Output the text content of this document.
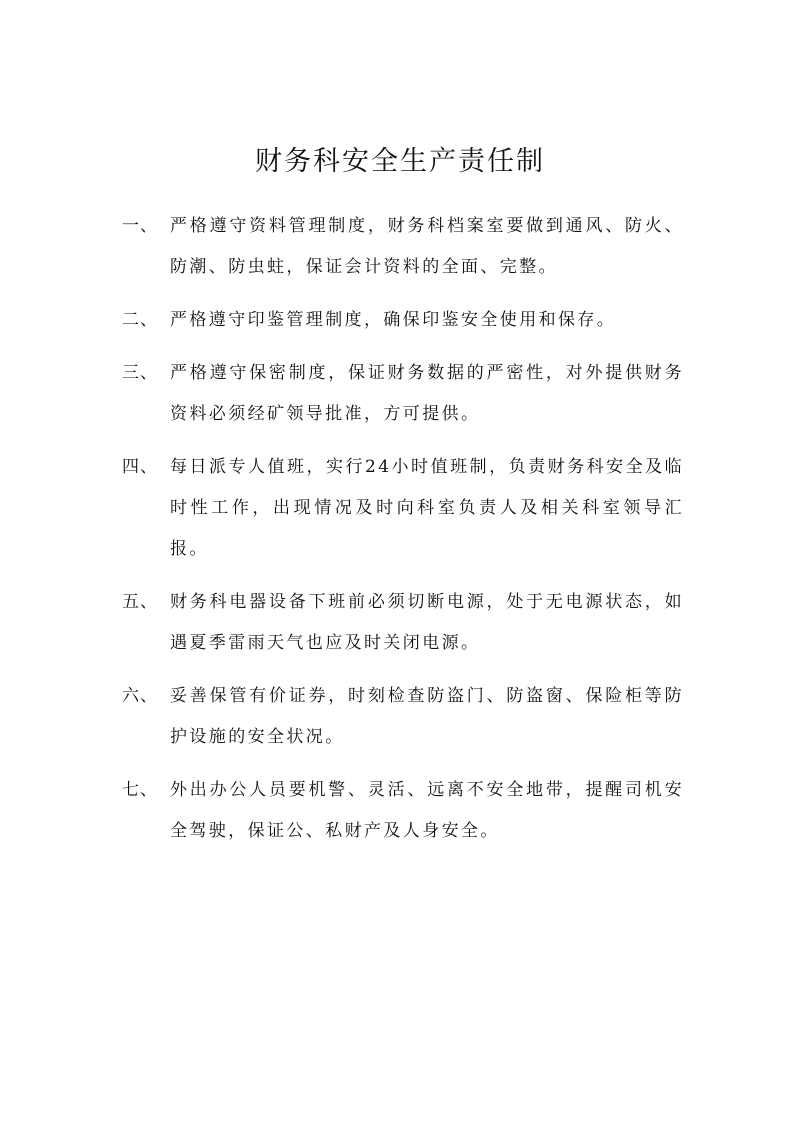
财务科安全生产责任制
一、 严格遵守资料管理制度，财务科档案室要做到通风、防火、防潮、防虫蛀，保证会计资料的全面、完整。
二、 严格遵守印鉴管理制度，确保印鉴安全使用和保存。
三、 严格遵守保密制度，保证财务数据的严密性，对外提供财务资料必须经矿领导批准，方可提供。
四、 每日派专人值班，实行24小时值班制，负责财务科安全及临时性工作，出现情况及时向科室负责人及相关科室领导汇报。
五、 财务科电器设备下班前必须切断电源，处于无电源状态，如遇夏季雷雨天气也应及时关闭电源。
六、 妥善保管有价证券，时刻检查防盗门、防盗窗、保险柜等防护设施的安全状况。
七、 外出办公人员要机警、灵活、远离不安全地带，提醒司机安全驾驶，保证公、私财产及人身安全。
